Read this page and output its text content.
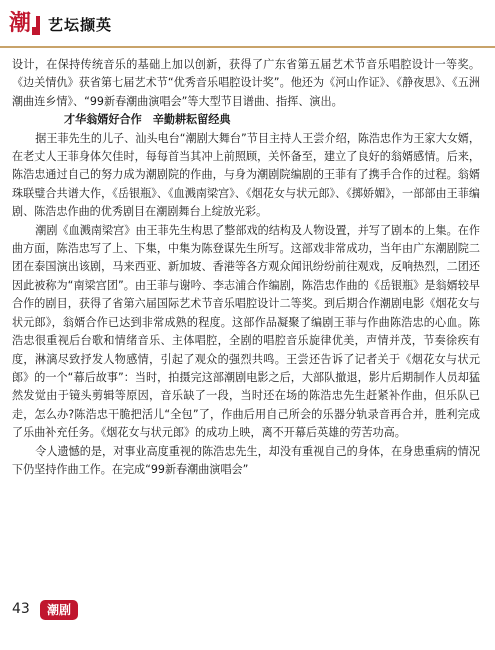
潮 艺坛撷英

设计，在保持传统音乐的基础上加以创新，获得了广东省第五届艺术节音乐唱腔设计一等奖。《边关情仇》获省第七届艺术节“优秀音乐唱腔设计奖”。他还为《河山作证》、《静夜思》、《五洲潮曲连乡情》、“99新春潮曲演唱会”等大型节目谱曲、指挥、演出。

才华翁婿好合作　辛勤耕耘留经典

据王菲先生的儿子、汕头电台“潮剧大舞台”节目主持人王尝介绍，陈浩忠作为王家大女婿，在老丈人王菲身体欠佳时，每每首当其冲上前照顾，关怀备至，建立了良好的翁婿感情。后来，陈浩忠通过自己的努力成为潮剧院的作曲，与身为潮剧院编剧的王菲有了携手合作的过程。翁婿珠联璧合共谱大作，《岳银瓶》、《血溅南梁宫》、《烟花女与状元郎》、《掷娇媚》，一部部由王菲编剧、陈浩忠作曲的优秀剧目在潮剧舞台上绽放光彩。

潮剧《血溅南梁宫》由王菲先生构思了整部戏的结构及人物设置，并写了剧本的上集。在作曲方面，陈浩忠写了上、下集，中集为陈登谋先生所写。这部戏非常成功，当年由广东潮剧院二团在泰国演出该剧，马来西亚、新加坡、香港等各方观众闻讯纷纷前往观戏，反响热烈，二团还因此被称为“南梁宫团”。由王菲与谢吟、李志浦合作编剧，陈浩忠作曲的《岳银瓶》是翁婿较早合作的剧目，获得了省第六届国际艺术节音乐唱腔设计二等奖。到后期合作潮剧电影《烟花女与状元郎》，翁婿合作已达到非常成熟的程度。这部作品凝聚了编剧王菲与作曲陈浩忠的心血。陈浩忠很重视后台歌和情绪音乐、主体唱腔，全剧的唱腔音乐旋律优美，声情并茂，节奏徐疾有度，淋漓尽致抒发人物感情，引起了观众的强烈共鸣。王尝还告诉了记者关于《烟花女与状元郎》的一个“幕后故事”：当时，拍摄完这部潮剧电影之后，大部队撤退，影片后期制作人员却猛然发觉由于镜头剪辑等原因，音乐缺了一段，当时还在场的陈浩忠先生赶紧补作曲，但乐队已走，怎么办?陈浩忠干脆把活儿“全包”了，作曲后用自己所会的乐器分轨录音再合并，胜利完成了乐曲补充任务。《烟花女与状元郎》的成功上映，离不开幕后英雄的劳苦功高。

令人遗憾的是，对事业高度重视的陈浩忠先生，却没有重视自己的身体，在身患重病的情况下仍坚持作曲工作。在完成“99新春潮曲演唱会”

43	潮剧
